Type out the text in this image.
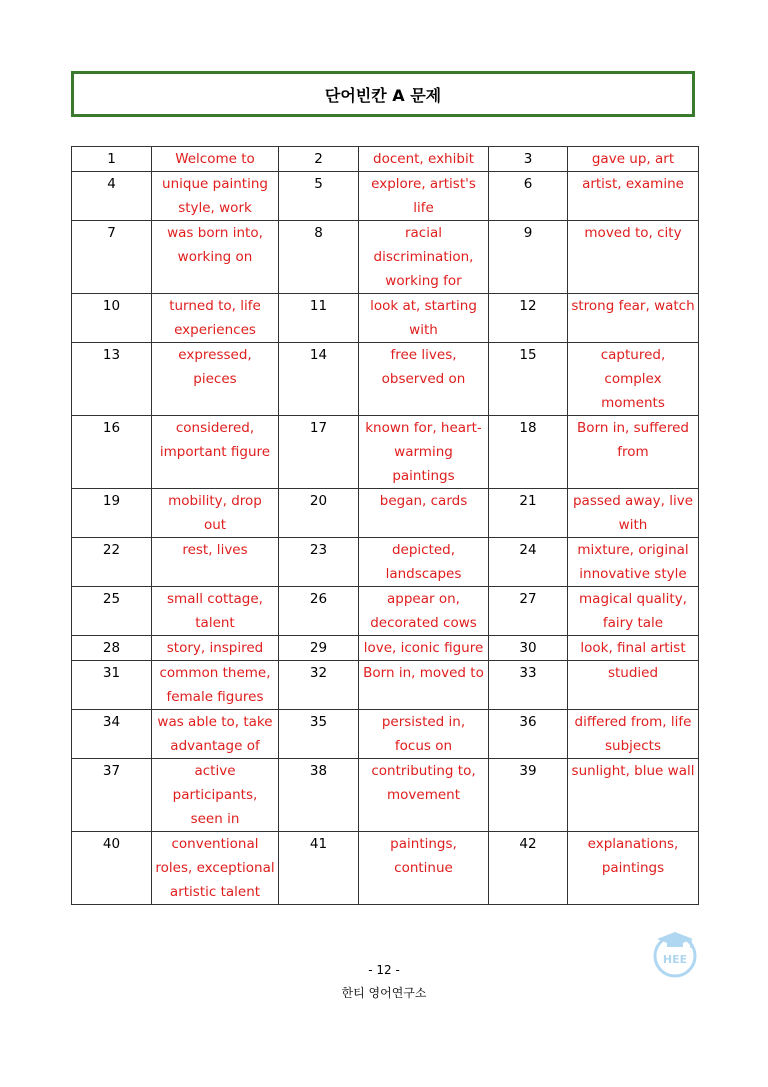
단어빈칸 A 문제
1	Welcome to	2	docent, exhibit	3	gave up, art
4	unique painting style, work	5	explore, artist's life	6	artist, examine
7	was born into, working on	8	racial discrimination, working for	9	moved to, city
10	turned to, life experiences	11	look at, starting with	12	strong fear, watch
13	expressed, pieces	14	free lives, observed on	15	captured, complex moments
16	considered, important figure	17	known for, heart-warming paintings	18	Born in, suffered from
19	mobility, drop out	20	began, cards	21	passed away, live with
22	rest, lives	23	depicted, landscapes	24	mixture, original innovative style
25	small cottage, talent	26	appear on, decorated cows	27	magical quality, fairy tale
28	story, inspired	29	love, iconic figure	30	look, final artist
31	common theme, female figures	32	Born in, moved to	33	studied
34	was able to, take advantage of	35	persisted in, focus on	36	differed from, life subjects
37	active participants, seen in	38	contributing to, movement	39	sunlight, blue wall
40	conventional roles, exceptional artistic talent	41	paintings, continue	42	explanations, paintings
- 12 -
한티 영어연구소
HEE
